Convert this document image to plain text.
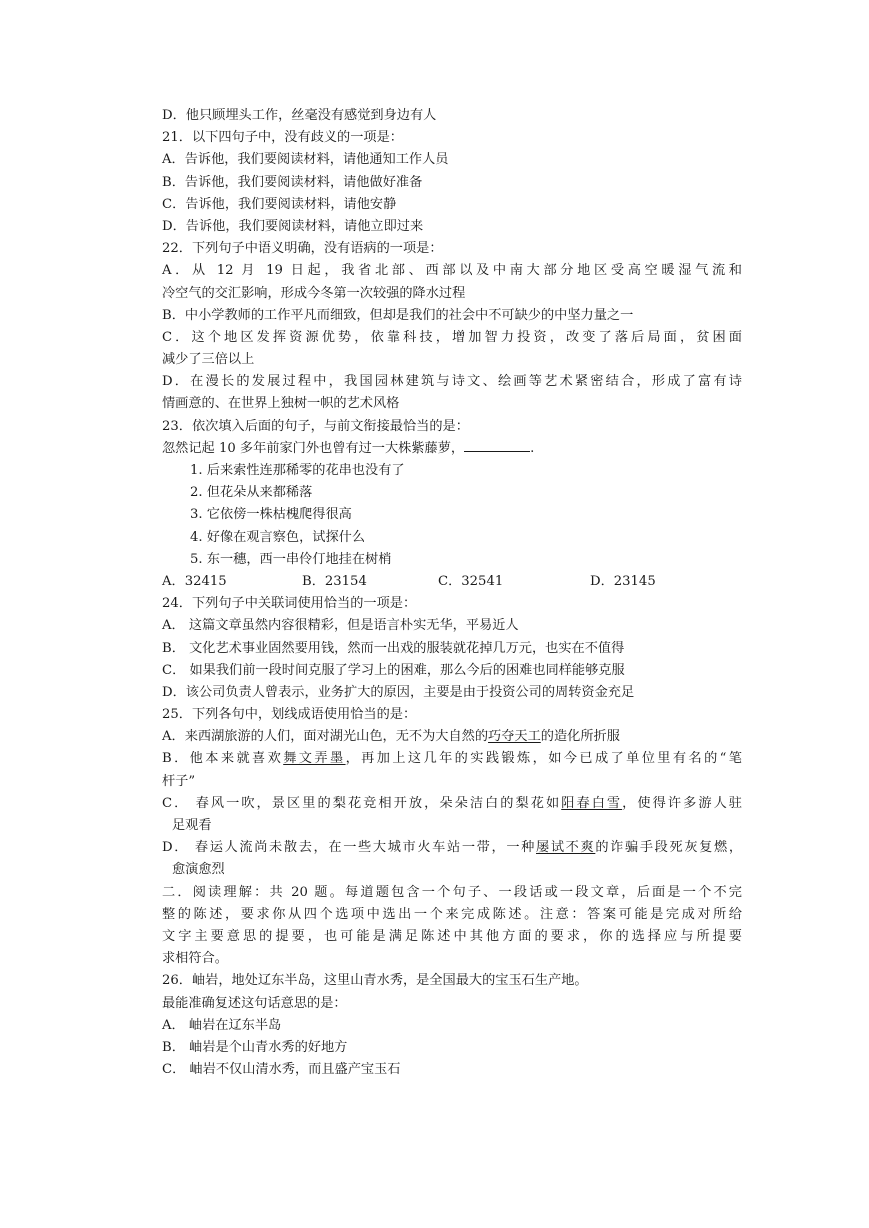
D．他只顾埋头工作，丝毫没有感觉到身边有人
21．以下四句子中，没有歧义的一项是：
A．告诉他，我们要阅读材料，请他通知工作人员
B．告诉他，我们要阅读材料，请他做好准备
C．告诉他，我们要阅读材料，请他安静
D．告诉他，我们要阅读材料，请他立即过来
22．下列句子中语义明确，没有语病的一项是：
A．从 12 月 19 日起，我省北部、西部以及中南大部分地区受高空暖湿气流和
冷空气的交汇影响，形成今冬第一次较强的降水过程
B．中小学教师的工作平凡而细致，但却是我们的社会中不可缺少的中坚力量之一
C．这个地区发挥资源优势，依靠科技，增加智力投资，改变了落后局面，贫困面
减少了三倍以上
D．在漫长的发展过程中，我国园林建筑与诗文、绘画等艺术紧密结合，形成了富有诗
情画意的、在世界上独树一帜的艺术风格
23．依次填入后面的句子，与前文衔接最恰当的是：
忽然记起 10 多年前家门外也曾有过一大株紫藤萝，	.
1. 后来索性连那稀零的花串也没有了
2. 但花朵从来都稀落
3. 它依傍一株枯槐爬得很高
4. 好像在观言察色，试探什么
5. 东一穗，西一串伶仃地挂在树梢
A．32415	B．23154	C．32541	D．23145
24．下列句子中关联词使用恰当的一项是：
A． 这篇文章虽然内容很精彩，但是语言朴实无华，平易近人
B． 文化艺术事业固然要用钱，然而一出戏的服装就花掉几万元，也实在不值得
C． 如果我们前一段时间克服了学习上的困难，那么今后的困难也同样能够克服
D．该公司负责人曾表示，业务扩大的原因，主要是由于投资公司的周转资金充足
25．下列各句中，划线成语使用恰当的是：
A．来西湖旅游的人们，面对湖光山色，无不为大自然的巧夺天工的造化所折服
B．他本来就喜欢舞文弄墨，再加上这几年的实践锻炼，如今已成了单位里有名的“笔
杆子”
C． 春风一吹，景区里的梨花竞相开放，朵朵洁白的梨花如阳春白雪，使得许多游人驻
足观看
D． 春运人流尚未散去，在一些大城市火车站一带，一种屡试不爽的诈骗手段死灰复燃，
愈演愈烈
二．阅读理解：共 20 题。每道题包含一个句子、一段话或一段文章，后面是一个不完
整的陈述，要求你从四个选项中选出一个来完成陈述。注意：答案可能是完成对所给
文字主要意思的提要，也可能是满足陈述中其他方面的要求，你的选择应与所提要
求相符合。
26．岫岩，地处辽东半岛，这里山青水秀，是全国最大的宝玉石生产地。
最能准确复述这句话意思的是：
A． 岫岩在辽东半岛
B． 岫岩是个山青水秀的好地方
C． 岫岩不仅山清水秀，而且盛产宝玉石
